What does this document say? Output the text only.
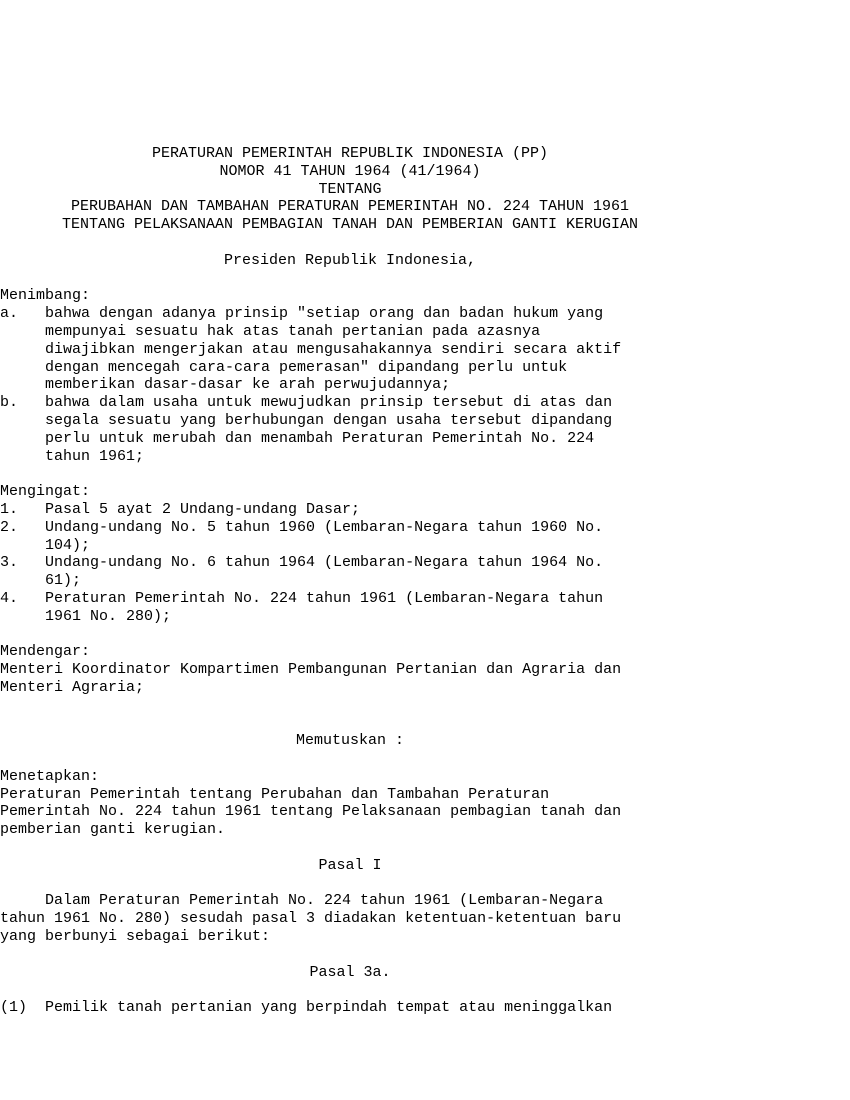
PERATURAN PEMERINTAH REPUBLIK INDONESIA (PP)
NOMOR 41 TAHUN 1964 (41/1964)
TENTANG
PERUBAHAN DAN TAMBAHAN PERATURAN PEMERINTAH NO. 224 TAHUN 1961
TENTANG PELAKSANAAN PEMBAGIAN TANAH DAN PEMBERIAN GANTI KERUGIAN
Presiden Republik Indonesia,
Menimbang:
a.   bahwa dengan adanya prinsip "setiap orang dan badan hukum yang
mempunyai sesuatu hak atas tanah pertanian pada azasnya
diwajibkan mengerjakan atau mengusahakannya sendiri secara aktif
dengan mencegah cara-cara pemerasan" dipandang perlu untuk
memberikan dasar-dasar ke arah perwujudannya;
b.   bahwa dalam usaha untuk mewujudkan prinsip tersebut di atas dan
segala sesuatu yang berhubungan dengan usaha tersebut dipandang
perlu untuk merubah dan menambah Peraturan Pemerintah No. 224
tahun 1961;
Mengingat:
1.   Pasal 5 ayat 2 Undang-undang Dasar;
2.   Undang-undang No. 5 tahun 1960 (Lembaran-Negara tahun 1960 No.
104);
3.   Undang-undang No. 6 tahun 1964 (Lembaran-Negara tahun 1964 No.
61);
4.   Peraturan Pemerintah No. 224 tahun 1961 (Lembaran-Negara tahun
1961 No. 280);
Mendengar:
Menteri Koordinator Kompartimen Pembangunan Pertanian dan Agraria dan
Menteri Agraria;
Memutuskan :
Menetapkan:
Peraturan Pemerintah tentang Perubahan dan Tambahan Peraturan
Pemerintah No. 224 tahun 1961 tentang Pelaksanaan pembagian tanah dan
pemberian ganti kerugian.
Pasal I
Dalam Peraturan Pemerintah No. 224 tahun 1961 (Lembaran-Negara
tahun 1961 No. 280) sesudah pasal 3 diadakan ketentuan-ketentuan baru
yang berbunyi sebagai berikut:
Pasal 3a.
(1)  Pemilik tanah pertanian yang berpindah tempat atau meninggalkan
